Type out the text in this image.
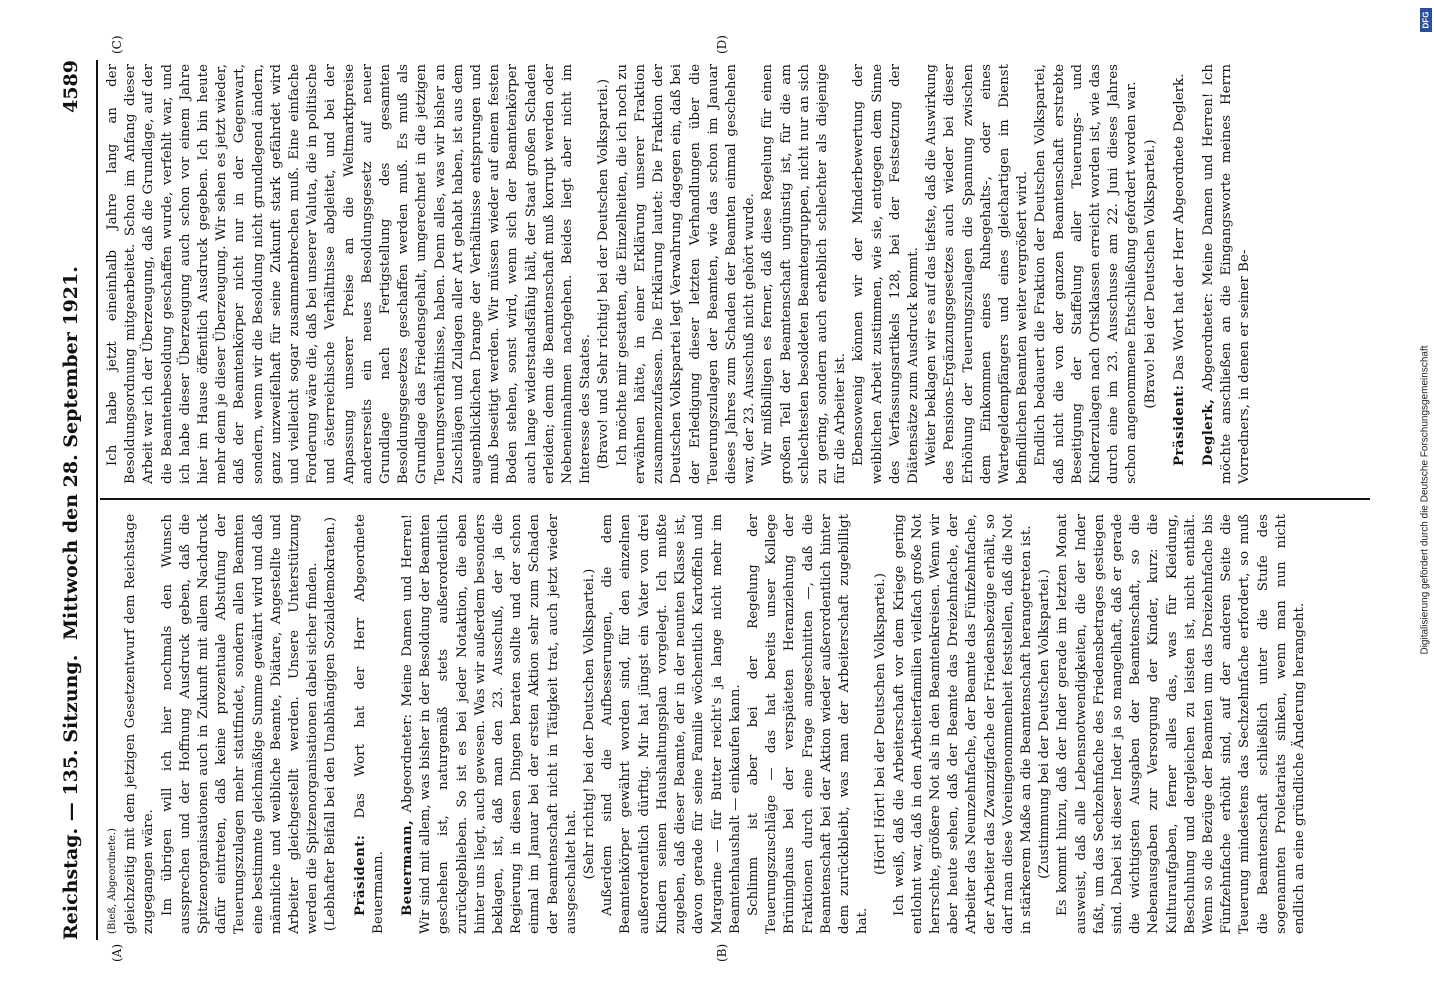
Reichstag. — 135. Sitzung.
Mittwoch den 28. September 1921.
4589
(A)	(B)
(C)	(D)

(Bieß, Abgeordnete.) gleichzeitig mit dem jetzigen Gesetzentwurf dem Reichstage zugegangen wäre. Im übrigen will ich hier nochmals den Wunsch aussprechen und der Hoffnung Ausdruck geben, daß die Spitzenorganisationen auch in Zukunft mit allem Nachdruck dafür eintreten, daß keine prozentuale Abstufung der Teuerungszulagen mehr stattfindet, sondern allen Beamten eine bestimmte gleichmäßige Summe gewährt wird und daß männliche und weibliche Beamte, Diätare, Angestellte und Arbeiter gleichgestellt werden. Unsere Unterstützung werden die Spitzenorganisationen dabei sicher finden. (Lebhafter Beifall bei den Unabhängigen Sozialdemokraten.) Präsident: Das Wort hat der Herr Abgeordnete Beuermann. Beuermann, Abgeordneter: Meine Damen und Herren! Wir sind mit allem, was bisher in der Besoldung der Beamten geschehen ist, naturgemäß stets außerordentlich zurückgeblieben. So ist es bei jeder Notaktion, die eben hinter uns liegt, auch gewesen. Was wir außerdem besonders beklagen, ist, daß man den 23. Ausschuß, der ja die Regierung in diesen Dingen beraten sollte und der schon einmal im Januar bei der ersten Aktion sehr zum Schaden der Beamtenschaft nicht in Tätigkeit trat, auch jetzt wieder ausgeschaltet hat. (Sehr richtig! bei der Deutschen Volkspartei.) Außerdem sind die Aufbesserungen, die dem Beamtenkörper gewährt worden sind, für den einzelnen außerordentlich dürftig. Mir hat jüngst ein Vater von drei Kindern seinen Haushaltungsplan vorgelegt. Ich mußte zugeben, daß dieser Beamte, der in der neunten Klasse ist, davon gerade für seine Familie wöchentlich Kartoffeln und Margarine — für Butter reicht's ja lange nicht mehr im Beamtenhaushalt — einkaufen kann. Schlimm ist aber bei der Regelung der Teuerungszuschläge — das hat bereits unser Kollege Brüninghaus bei der verspäteten Heranziehung der Fraktionen durch eine Frage angeschnitten —, daß die Beamtenschaft bei der Aktion wieder außerordentlich hinter dem zurückbleibt, was man der Arbeiterschaft zugebilligt hat.

(Hört! Hört! bei der Deutschen Volkspartei.) Ich weiß, daß die Arbeiterschaft vor dem Kriege gering entlohnt war, daß in den Arbeiterfamilien vielfach große Not herrschte, größere Not als in den Beamtenkreisen. Wenn wir aber heute sehen, daß der Beamte das Dreizehnfache, der Arbeiter das Neunzehnfache, der Beamte das Fünfzehnfache, der Arbeiter das Zwanzigfache der Friedensbezüge erhält, so darf man diese Voreingenommenheit feststellen, daß die Not in stärkerem Maße an die Beamtenschaft herangetreten ist. (Zustimmung bei der Deutschen Volkspartei.) Es kommt hinzu, daß der Inder gerade im letzten Monat ausweist, daß alle Lebensnotwendigkeiten, die der Inder faßt, um das Sechzehnfache des Friedensbetrages gestiegen sind. Dabei ist dieser Inder ja so mangelhaft, daß er gerade die wichtigsten Ausgaben der Beamtenschaft, so die Nebenausgaben zur Versorgung der Kinder, kurz: die Kulturaufgaben, ferner alles das, was für Kleidung, Beschuhung und dergleichen zu leisten ist, nicht enthält. Wenn so die Bezüge der Beamten um das Dreizehnfache bis Fünfzehnfache erhöht sind, auf der anderen Seite die Teuerung mindestens das Sechzehnfache erfordert, so muß die Beamtenschaft schließlich unter die Stufe des sogenannten Proletariats sinken, wenn man nun nicht endlich an eine gründliche Änderung herangeht.

Ich habe jetzt eineinhalb Jahre lang an der Besoldungsordnung mitgearbeitet. Schon im Anfang dieser Arbeit war ich der Überzeugung, daß die Grundlage, auf der die Beamtenbesoldung geschaffen wurde, verfehlt war, und ich habe dieser Überzeugung auch schon vor einem Jahre hier im Hause öffentlich Ausdruck gegeben. Ich bin heute mehr denn je dieser Überzeugung. Wir sehen es jetzt wieder, daß der Beamtenkörper nicht nur in der Gegenwart, sondern, wenn wir die Besoldung nicht grundlegend ändern, ganz unzweifelhaft für seine Zukunft stark gefährdet wird und vielleicht sogar zusammenbrechen muß. Eine einfache Forderung wäre die, daß bei unserer Valuta, die in politische und österreichische Verhältnisse abgleitet, und bei der Anpassung unserer Preise an die Weltmarktpreise andererseits ein neues Besoldungsgesetz auf neuer Grundlage nach Fertigstellung des gesamten Besoldungsgesetzes geschaffen werden muß. Es muß als Grundlage das Friedensgehalt, umgerechnet in die jetzigen Teuerungsverhältnisse, haben. Denn alles, was wir bisher an Zuschlägen und Zulagen aller Art gehabt haben, ist aus dem augenblicklichen Drange der Verhältnisse entsprungen und muß beseitigt werden. Wir müssen wieder auf einem festen Boden stehen, sonst wird, wenn sich der Beamtenkörper auch lange widerstandsfähig hält, der Staat großen Schaden erleiden; denn die Beamtenschaft muß korrupt werden oder Nebeneinnahmen nachgehen. Beides liegt aber nicht im Interesse des Staates. (Bravo! und Sehr richtig! bei der Deutschen Volkspartei.) Ich möchte mir gestatten, die Einzelheiten, die ich noch zu erwähnen hätte, in einer Erklärung unserer Fraktion zusammenzufassen. Die Erklärung lautet: Die Fraktion der Deutschen Volkspartei legt Verwahrung dagegen ein, daß bei der Erledigung dieser letzten Verhandlungen über die Teuerungszulagen der Beamten, wie das schon im Januar dieses Jahres zum Schaden der Beamten einmal geschehen war, der 23. Ausschuß nicht gehört wurde. Wir mißbilligen es ferner, daß diese Regelung für einen großen Teil der Beamtenschaft ungünstig ist, für die am schlechtesten besoldeten Beamtengruppen, nicht nur an sich zu gering, sondern auch erheblich schlechter als diejenige für die Arbeiter ist. Ebensowenig können wir der Minderbewertung der weiblichen Arbeit zustimmen, wie sie, entgegen dem Sinne des Verfassungsartikels 128, bei der Festsetzung der Diätensätze zum Ausdruck kommt. Weiter beklagen wir es auf das tiefste, daß die Auswirkung des Pensions-Ergänzungsgesetzes auch wieder bei dieser Erhöhung der Teuerungszulagen die Spannung zwischen dem Einkommen eines Ruhegehalts-, oder eines Wartegeldempfängers und eines gleichartigen im Dienst befindlichen Beamten weiter vergrößert wird. Endlich bedauert die Fraktion der Deutschen Volkspartei, daß nicht die von der ganzen Beamtenschaft erstrebte Beseitigung der Staffelung aller Teuerungs- und Kinderzulagen nach Ortsklassen erreicht worden ist, wie das durch eine im 23. Ausschusse am 22. Juni dieses Jahres schon angenommene Entschließung gefordert worden war. (Bravo! bei der Deutschen Volkspartei.)

Präsident: Das Wort hat der Herr Abgeordnete Deglerk.

Deglerk, Abgeordneter: Meine Damen und Herren! Ich möchte anschließen an die Eingangsworte meines Herrn Vorredners, in denen er seiner Be-	Digitalisierung gefördert durch die Deutsche Forschungsgemeinschaft
DFG
